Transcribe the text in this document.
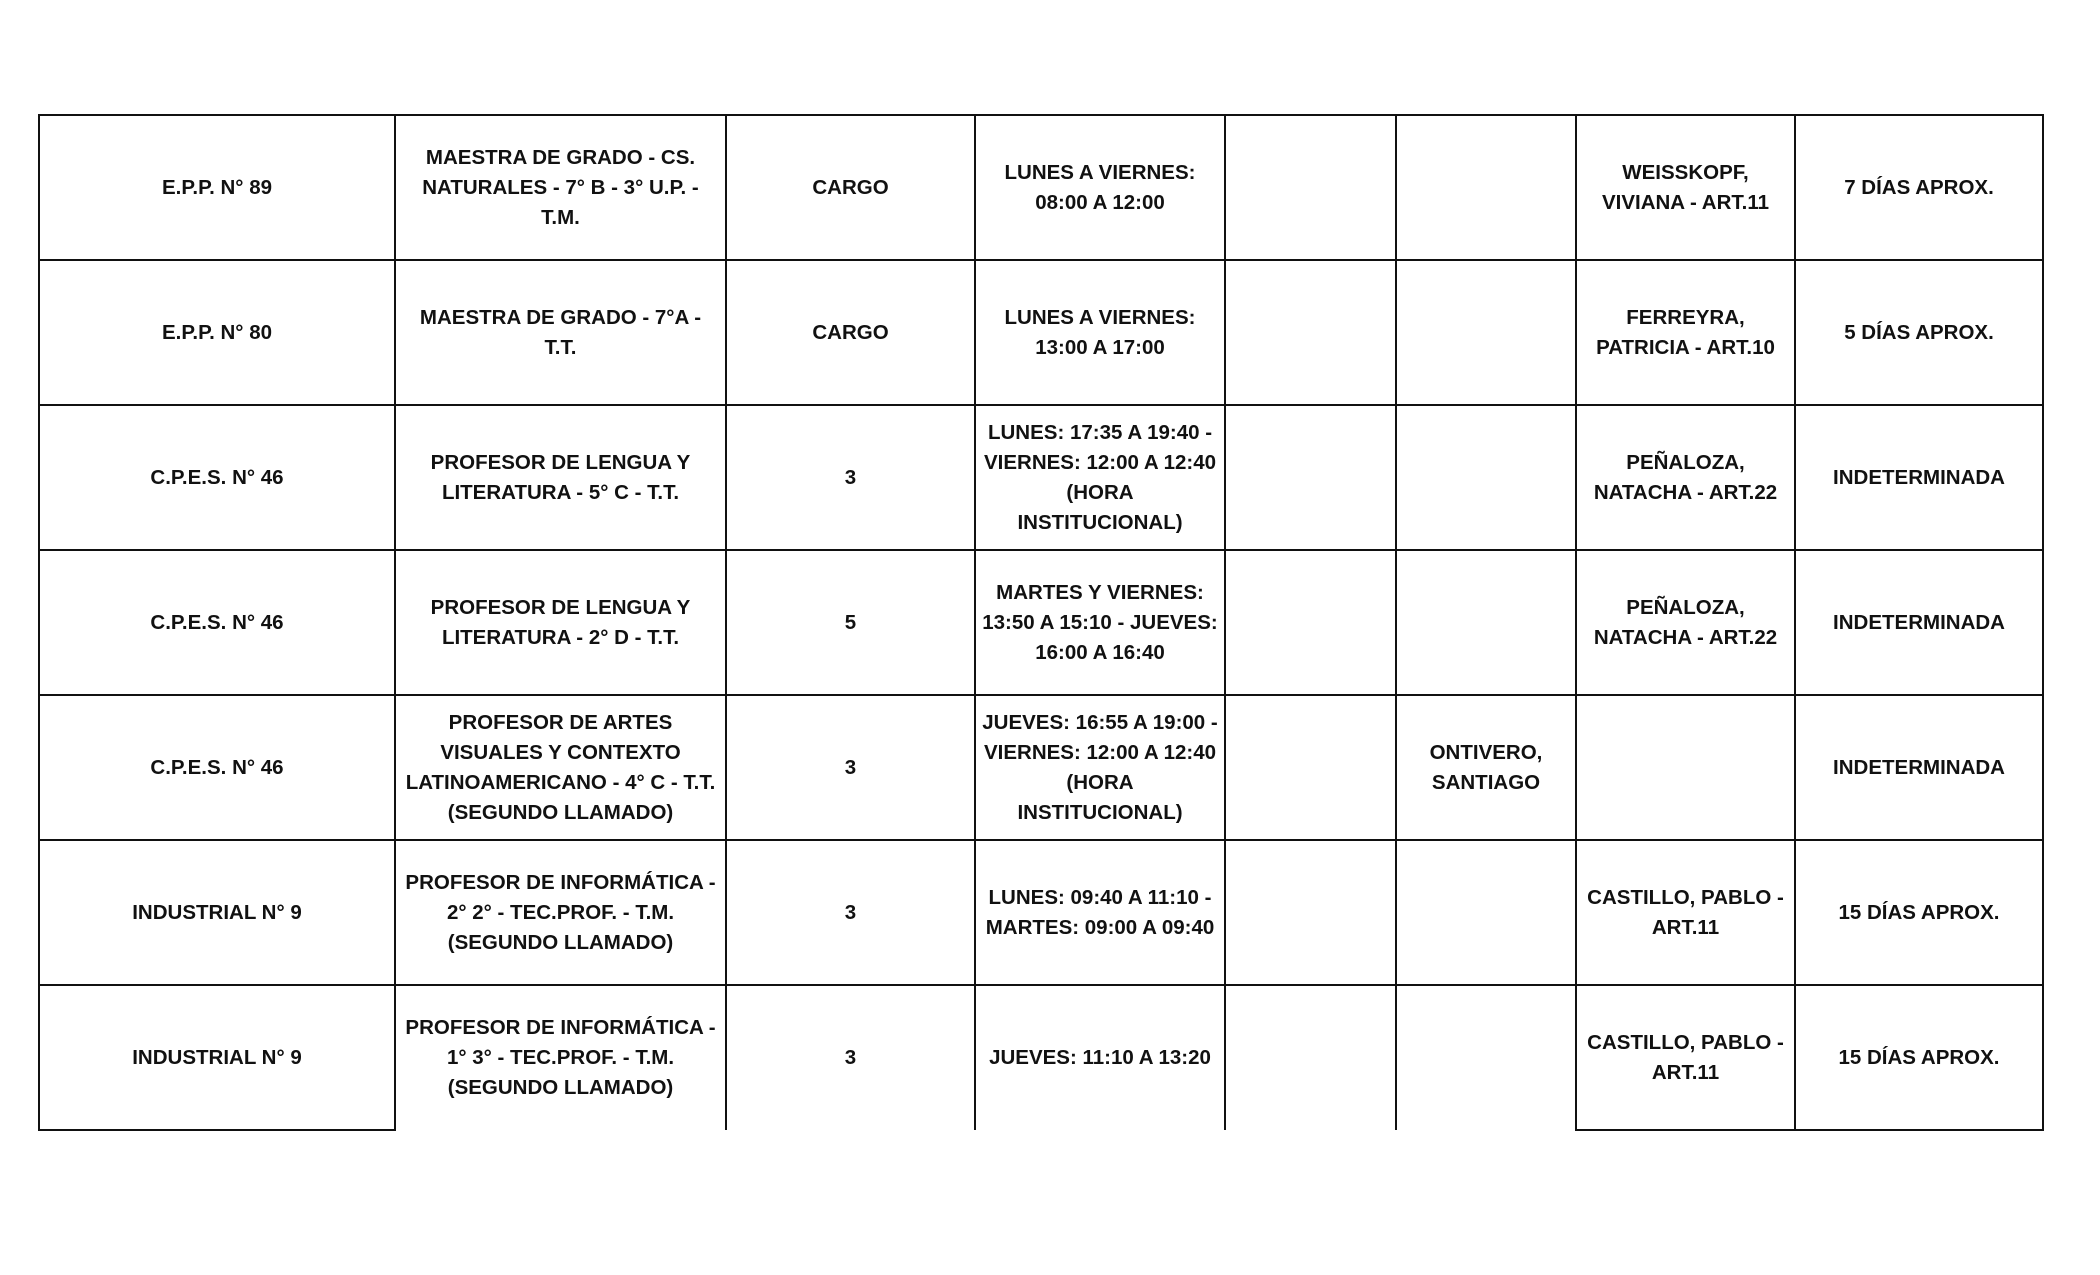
E.P.P. N° 89	MAESTRA DE GRADO - CS. NATURALES - 7° B - 3° U.P. - T.M.	CARGO	LUNES A VIERNES: 08:00 A 12:00			WEISSKOPF, VIVIANA - ART.11	7 DÍAS APROX.
E.P.P. N° 80	MAESTRA DE GRADO - 7°A - T.T.	CARGO	LUNES A VIERNES: 13:00 A 17:00			FERREYRA, PATRICIA - ART.10	5 DÍAS APROX.
C.P.E.S. N° 46	PROFESOR DE LENGUA Y LITERATURA - 5° C - T.T.	3	LUNES: 17:35 A 19:40 - VIERNES: 12:00 A 12:40 (HORA INSTITUCIONAL)			PEÑALOZA, NATACHA - ART.22	INDETERMINADA
C.P.E.S. N° 46	PROFESOR DE LENGUA Y LITERATURA - 2° D - T.T.	5	MARTES Y VIERNES: 13:50 A 15:10 - JUEVES: 16:00 A 16:40			PEÑALOZA, NATACHA - ART.22	INDETERMINADA
C.P.E.S. N° 46	PROFESOR DE ARTES VISUALES Y CONTEXTO LATINOAMERICANO - 4° C - T.T. (SEGUNDO LLAMADO)	3	JUEVES: 16:55 A 19:00 - VIERNES: 12:00 A 12:40 (HORA INSTITUCIONAL)		ONTIVERO, SANTIAGO		INDETERMINADA
INDUSTRIAL N° 9	PROFESOR DE INFORMÁTICA - 2° 2° - TEC.PROF. - T.M. (SEGUNDO LLAMADO)	3	LUNES: 09:40 A 11:10 - MARTES: 09:00 A 09:40			CASTILLO, PABLO - ART.11	15 DÍAS APROX.
INDUSTRIAL N° 9	PROFESOR DE INFORMÁTICA - 1° 3° - TEC.PROF. - T.M. (SEGUNDO LLAMADO)	3	JUEVES: 11:10 A 13:20			CASTILLO, PABLO - ART.11	15 DÍAS APROX.
